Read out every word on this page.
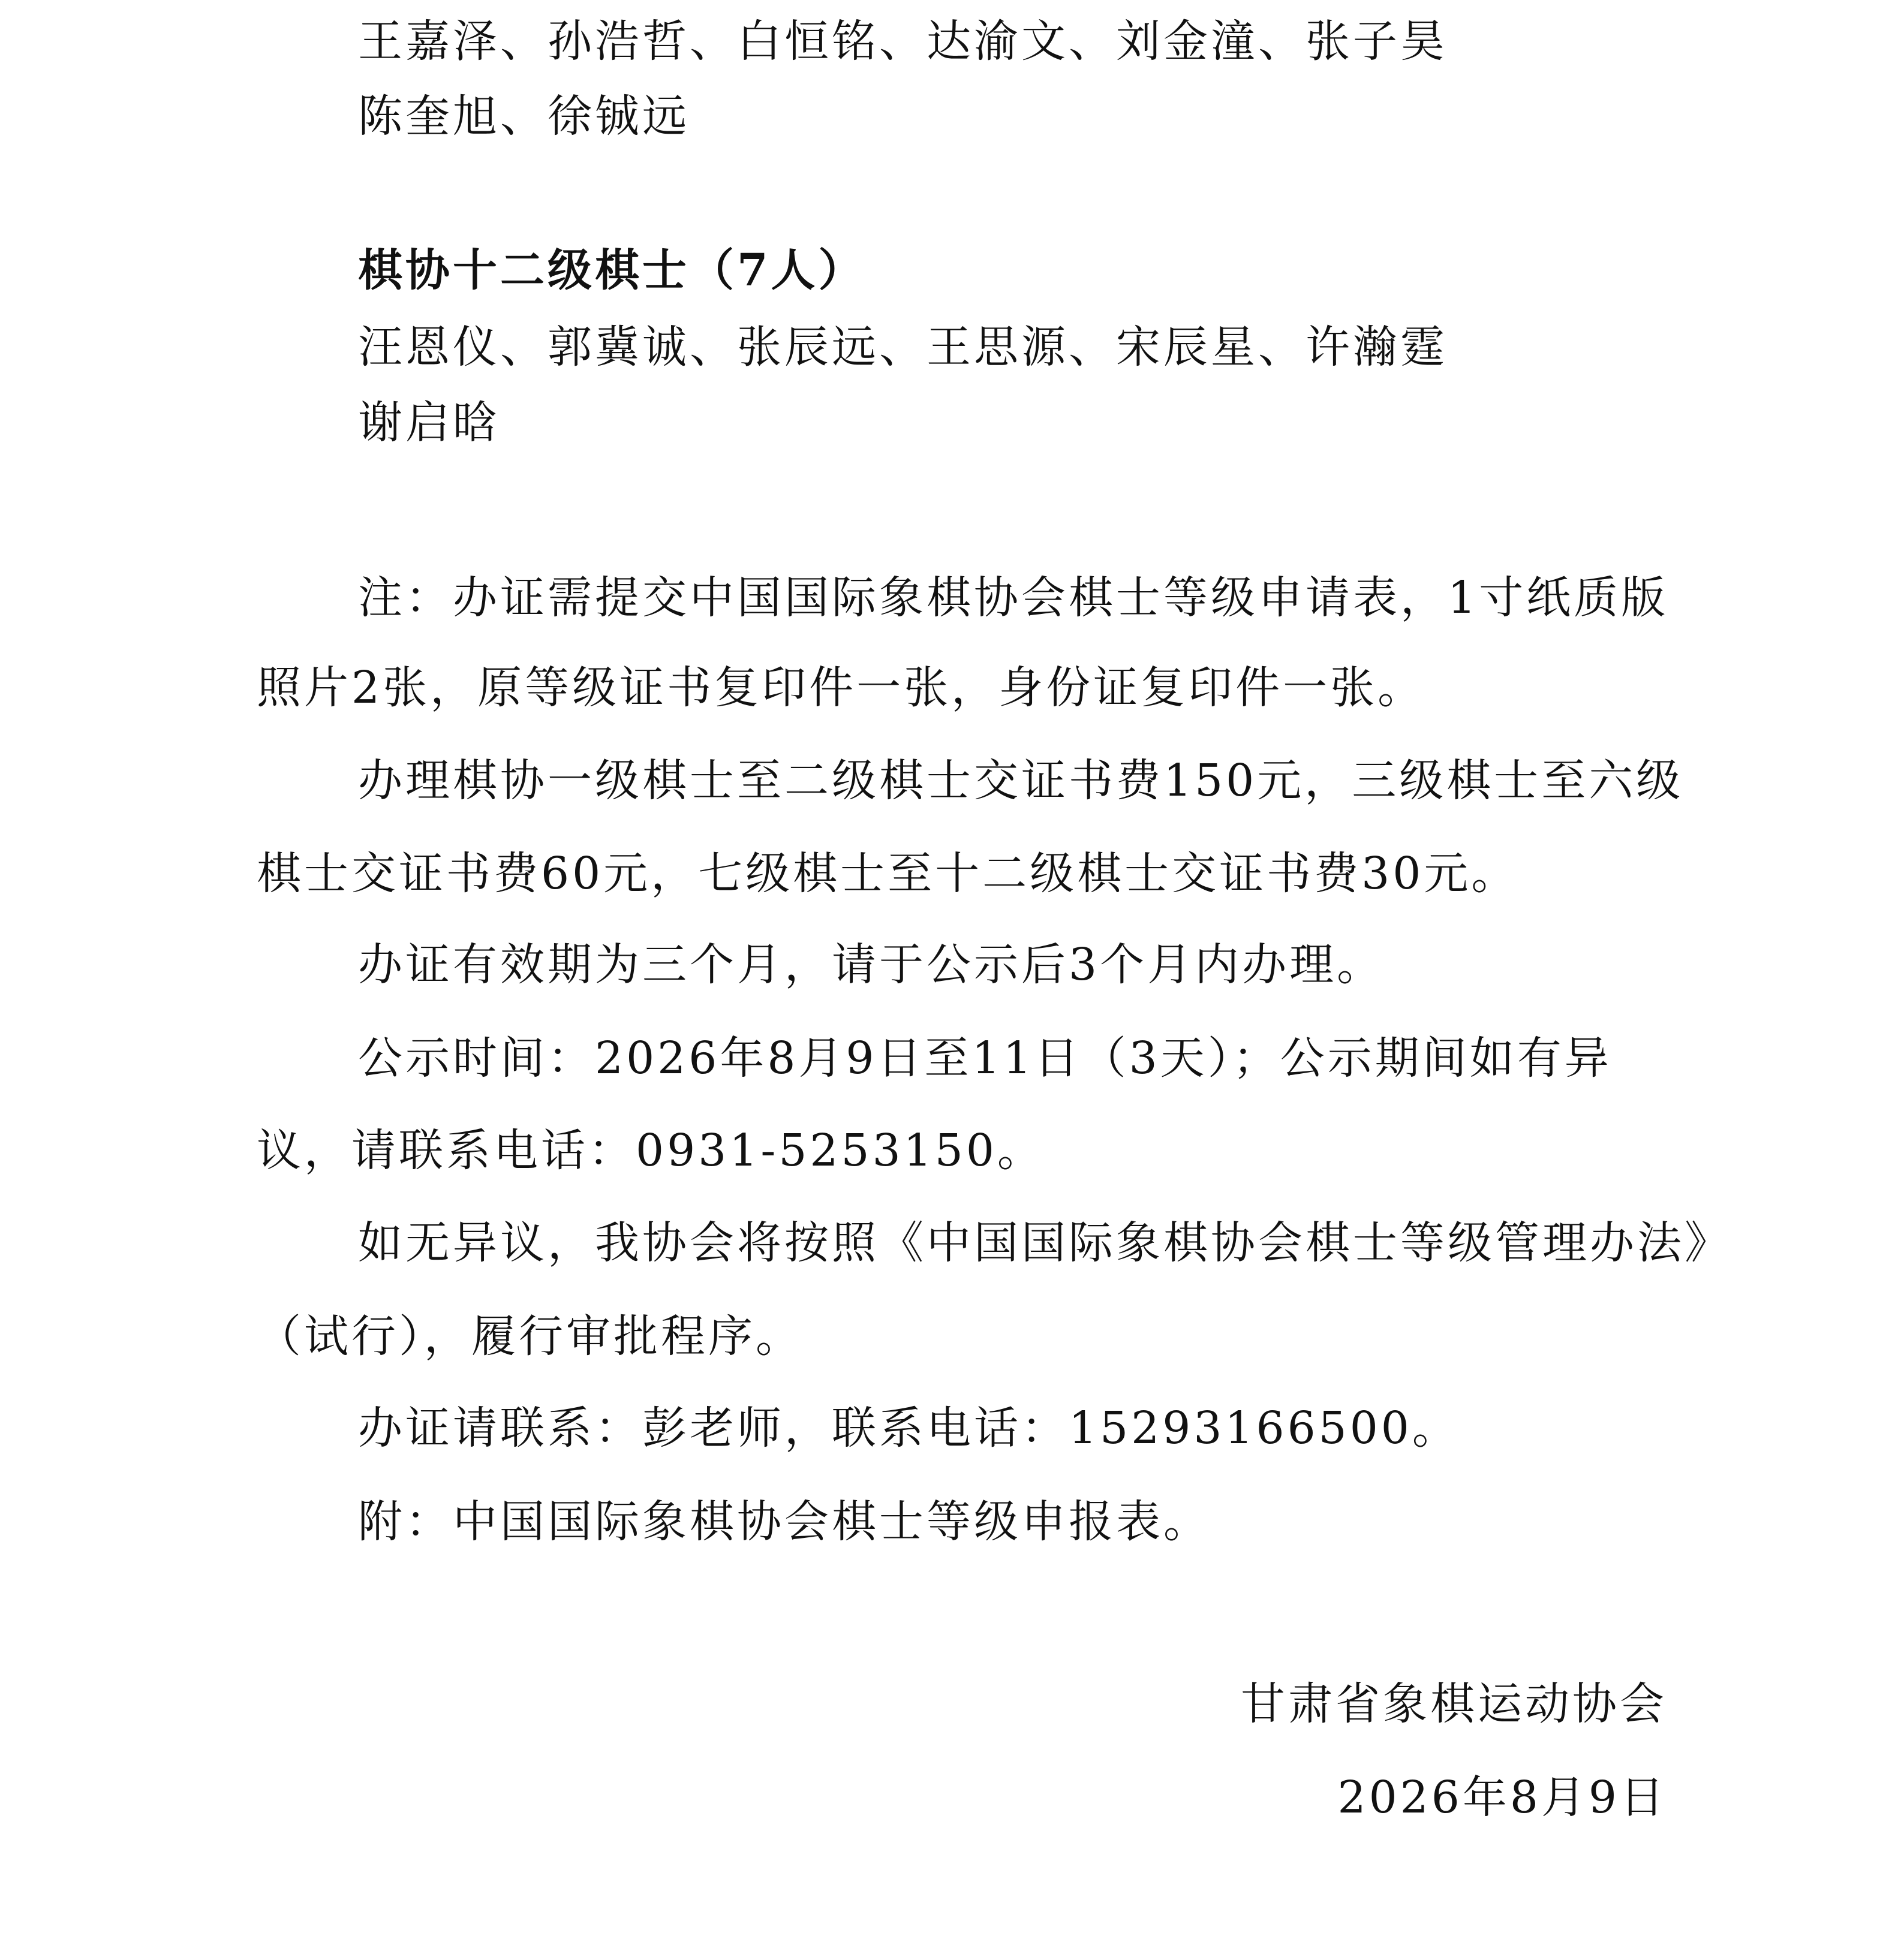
王嘉泽、孙浩哲、白恒铭、达渝文、刘金潼、张子昊
陈奎旭、徐铖远
棋协十二级棋士（7人）
汪恩仪、郭冀诚、张辰远、王思源、宋辰星、许瀚霆
谢启晗
注：办证需提交中国国际象棋协会棋士等级申请表，1寸纸质版
照片2张，原等级证书复印件一张，身份证复印件一张。
办理棋协一级棋士至二级棋士交证书费150元，三级棋士至六级
棋士交证书费60元，七级棋士至十二级棋士交证书费30元。
办证有效期为三个月，请于公示后3个月内办理。
公示时间：2026年8月9日至11日（3天）；公示期间如有异
议，请联系电话：0931-5253150。
如无异议，我协会将按照《中国国际象棋协会棋士等级管理办法》
（试行），履行审批程序。
办证请联系：彭老师，联系电话：15293166500。
附：中国国际象棋协会棋士等级申报表。
甘肃省象棋运动协会
2026年8月9日
